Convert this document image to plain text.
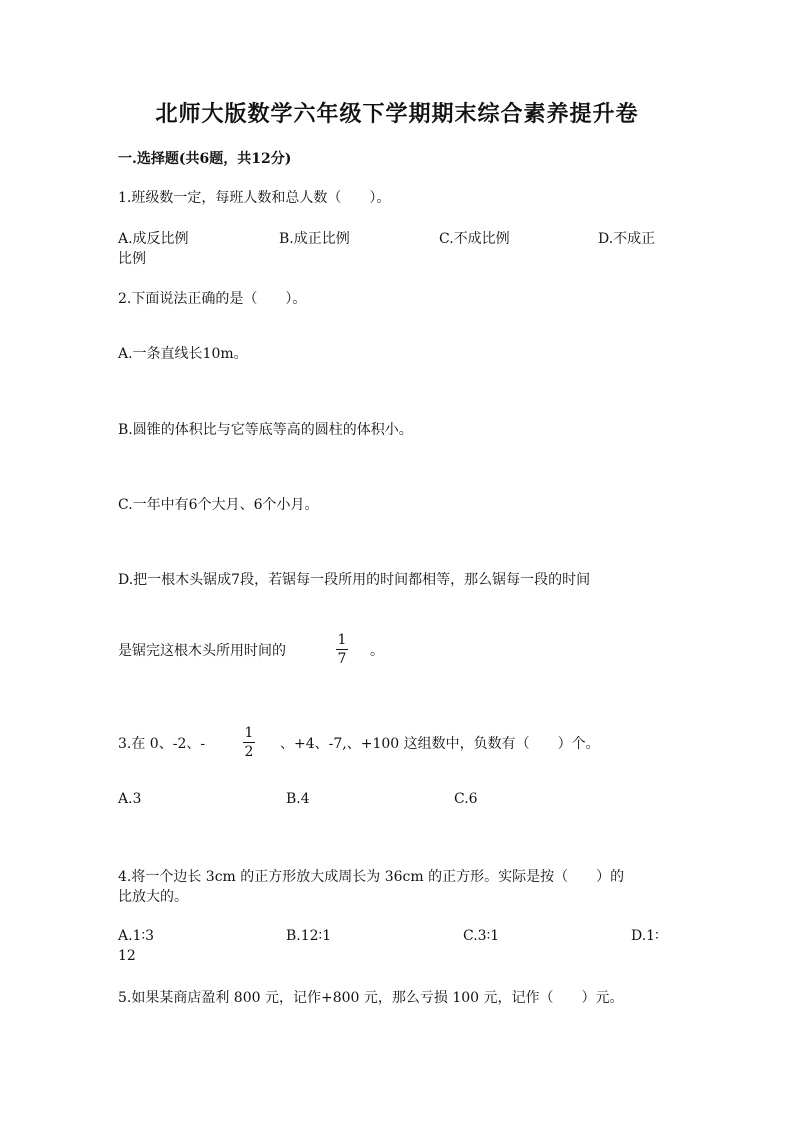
北师大版数学六年级下学期期末综合素养提升卷
一.选择题(共6题，共12分)
1.班级数一定，每班人数和总人数（　　）。
A.成反比例	B.成正比例	C.不成比例	D.不成正
比例
2.下面说法正确的是（　　）。
A.一条直线长10m。
B.圆锥的体积比与它等底等高的圆柱的体积小。
C.一年中有6个大月、6个小月。
D.把一根木头锯成7段，若锯每一段所用的时间都相等，那么锯每一段的时间
是锯完这根木头所用时间的
1
7 。
3.在 0、-2、-
1
2 、+4、-7,、+100 这组数中，负数有（　　）个。
A.3	B.4	C.6
4.将一个边长 3cm 的正方形放大成周长为 36cm 的正方形。实际是按（　　）的
比放大的。
A.1∶3	B.12∶1	C.3∶1	D.1∶
12
5.如果某商店盈利 800 元，记作+800 元，那么亏损 100 元，记作（　　）元。
